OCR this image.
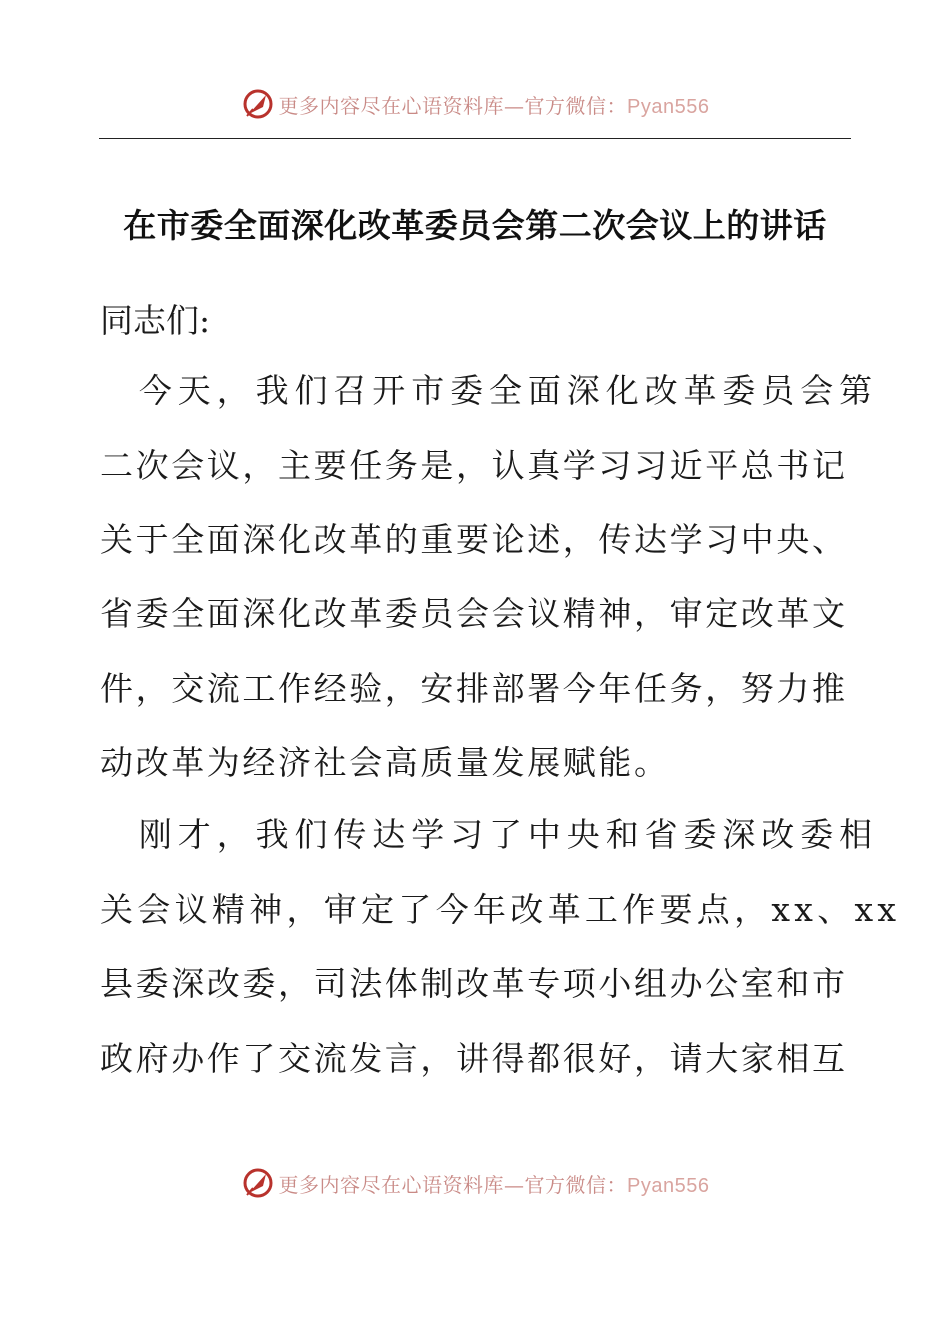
更多内容尽在心语资料库—官方微信：Pyan556
在市委全面深化改革委员会第二次会议上的讲话
同志们:
　今天，我们召开市委全面深化改革委员会第
二次会议，主要任务是，认真学习习近平总书记
关于全面深化改革的重要论述，传达学习中央、
省委全面深化改革委员会会议精神，审定改革文
件，交流工作经验，安排部署今年任务，努力推
动改革为经济社会高质量发展赋能。
　刚才，我们传达学习了中央和省委深改委相
关会议精神，审定了今年改革工作要点，xx、xx
县委深改委，司法体制改革专项小组办公室和市
政府办作了交流发言，讲得都很好，请大家相互
更多内容尽在心语资料库—官方微信：Pyan556
